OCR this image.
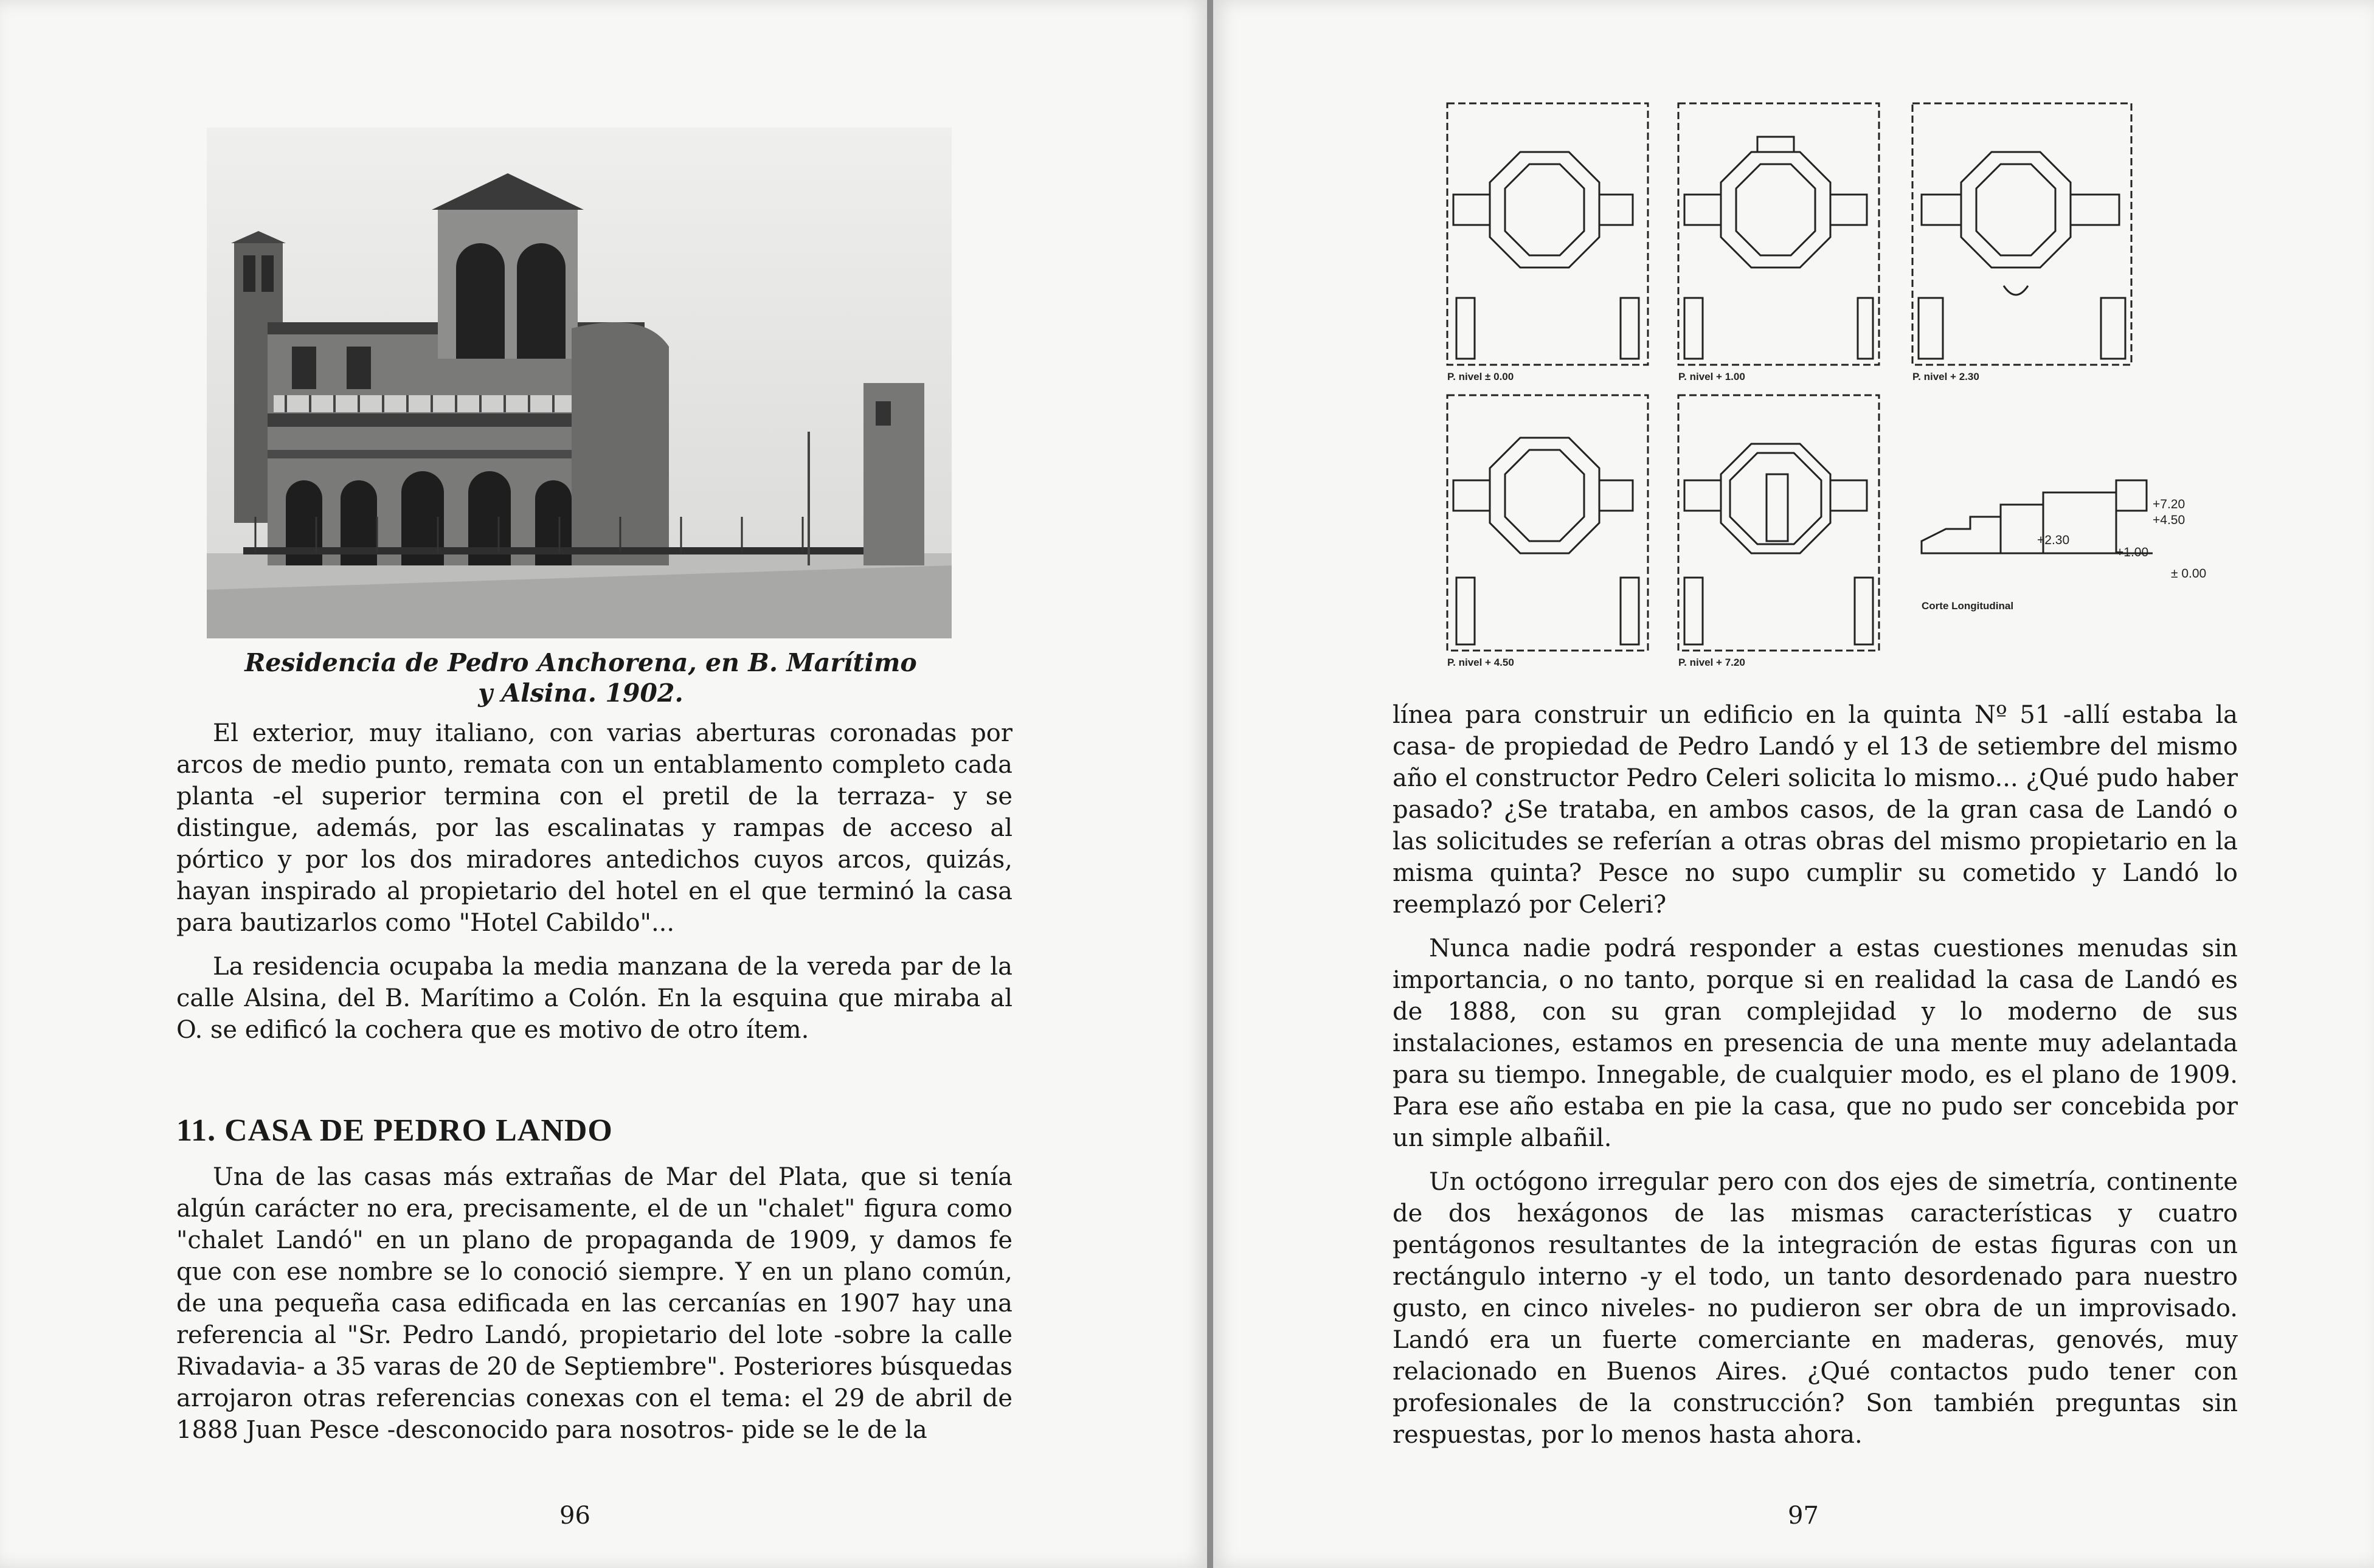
Residencia de Pedro Anchorena, en B. Marítimo
y Alsina. 1902.

El exterior, muy italiano, con varias aberturas coronadas por arcos de medio punto, remata con un entablamento completo cada planta -el superior termina con el pretil de la terraza- y se distingue, además, por las escalinatas y rampas de acceso al pórtico y por los dos miradores antedichos cuyos arcos, quizás, hayan inspirado al propietario del hotel en el que terminó la casa para bautizarlos como "Hotel Cabildo"...

La residencia ocupaba la media manzana de la vereda par de la calle Alsina, del B. Marítimo a Colón. En la esquina que miraba al O. se edificó la cochera que es motivo de otro ítem.

11. CASA DE PEDRO LANDO

Una de las casas más extrañas de Mar del Plata, que si tenía algún carácter no era, precisamente, el de un "chalet" figura como "chalet Landó" en un plano de propaganda de 1909, y damos fe que con ese nombre se lo conoció siempre. Y en un plano común, de una pequeña casa edificada en las cercanías en 1907 hay una referencia al "Sr. Pedro Landó, propietario del lote -sobre la calle Rivadavia- a 35 varas de 20 de Septiembre". Posteriores búsquedas arrojaron otras referencias conexas con el tema: el 29 de abril de 1888 Juan Pesce -desconocido para nosotros- pide se le de la

96
P. nivel ± 0.00	P. nivel + 1.00	P. nivel + 2.30
P. nivel + 4.50	P. nivel + 7.20
Corte Longitudinal
+7.20
+4.50
+2.30
+1.00
± 0.00

línea para construir un edificio en la quinta Nº 51 -allí estaba la casa- de propiedad de Pedro Landó y el 13 de setiembre del mismo año el constructor Pedro Celeri solicita lo mismo... ¿Qué pudo haber pasado? ¿Se trataba, en ambos casos, de la gran casa de Landó o las solicitudes se referían a otras obras del mismo propietario en la misma quinta? Pesce no supo cumplir su cometido y Landó lo reemplazó por Celeri?

Nunca nadie podrá responder a estas cuestiones menudas sin importancia, o no tanto, porque si en realidad la casa de Landó es de 1888, con su gran complejidad y lo moderno de sus instalaciones, estamos en presencia de una mente muy adelantada para su tiempo. Innegable, de cualquier modo, es el plano de 1909. Para ese año estaba en pie la casa, que no pudo ser concebida por un simple albañil.

Un octógono irregular pero con dos ejes de simetría, continente de dos hexágonos de las mismas características y cuatro pentágonos resultantes de la integración de estas figuras con un rectángulo interno -y el todo, un tanto desordenado para nuestro gusto, en cinco niveles- no pudieron ser obra de un improvisado. Landó era un fuerte comerciante en maderas, genovés, muy relacionado en Buenos Aires. ¿Qué contactos pudo tener con profesionales de la construcción? Son también preguntas sin respuestas, por lo menos hasta ahora.

97
